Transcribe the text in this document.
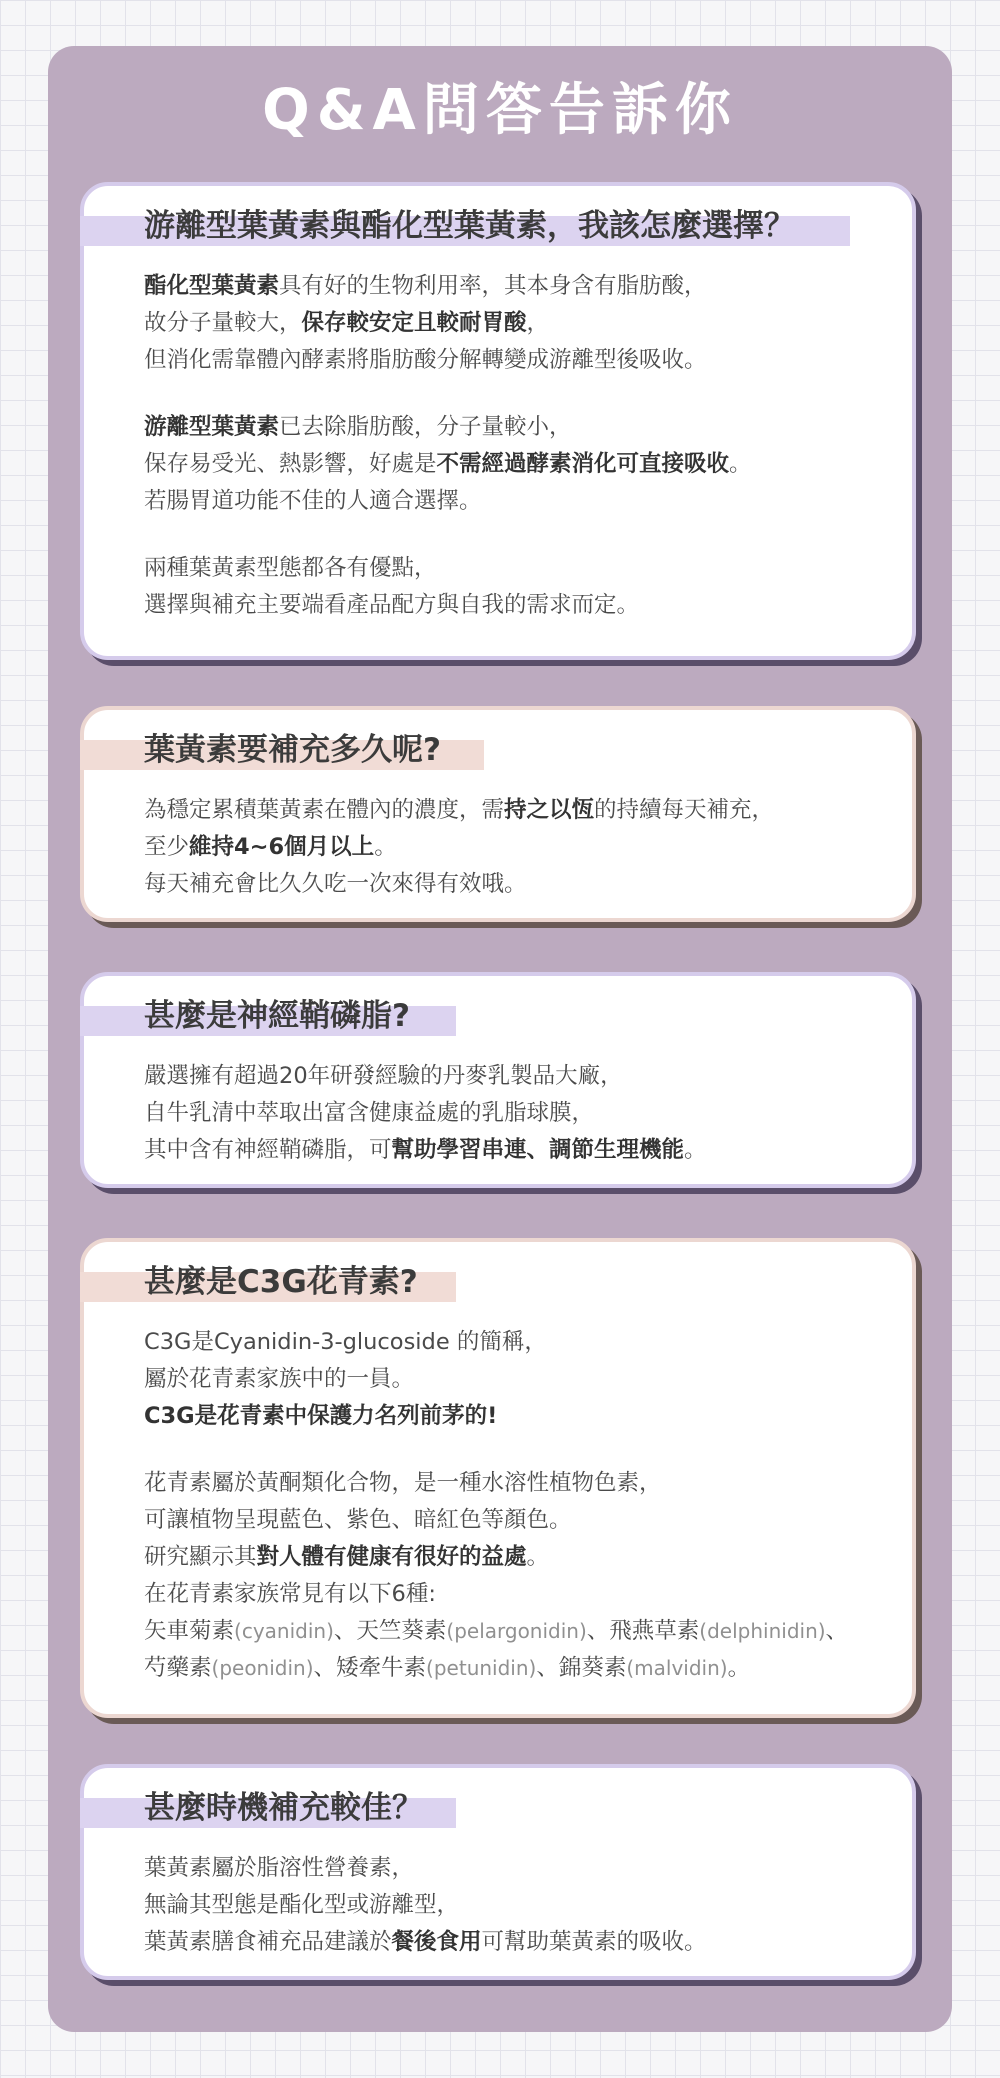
Q&A問答告訴你
游離型葉黃素與酯化型葉黃素，我該怎麼選擇？
酯化型葉黃素具有好的生物利用率，其本身含有脂肪酸，
故分子量較大，保存較安定且較耐胃酸，
但消化需靠體內酵素將脂肪酸分解轉變成游離型後吸收。
游離型葉黃素已去除脂肪酸，分子量較小，
保存易受光、熱影響，好處是不需經過酵素消化可直接吸收。
若腸胃道功能不佳的人適合選擇。
兩種葉黃素型態都各有優點，
選擇與補充主要端看產品配方與自我的需求而定。
葉黃素要補充多久呢?
為穩定累積葉黃素在體內的濃度，需持之以恆的持續每天補充，
至少維持4~6個月以上。
每天補充會比久久吃一次來得有效哦。
甚麼是神經鞘磷脂?
嚴選擁有超過20年研發經驗的丹麥乳製品大廠，
自牛乳清中萃取出富含健康益處的乳脂球膜，
其中含有神經鞘磷脂，可幫助學習串連、調節生理機能。
甚麼是C3G花青素?
C3G是Cyanidin-3-glucoside 的簡稱，
屬於花青素家族中的一員。
C3G是花青素中保護力名列前茅的!
花青素屬於黃酮類化合物，是一種水溶性植物色素，
可讓植物呈現藍色、紫色、暗紅色等顏色。
研究顯示其對人體有健康有很好的益處。
在花青素家族常見有以下6種:
矢車菊素(cyanidin)、天竺葵素(pelargonidin)、飛燕草素(delphinidin)、
芍藥素(peonidin)、矮牽牛素(petunidin)、錦葵素(malvidin)。
甚麼時機補充較佳？
葉黃素屬於脂溶性營養素，
無論其型態是酯化型或游離型，
葉黃素膳食補充品建議於餐後食用可幫助葉黃素的吸收。
